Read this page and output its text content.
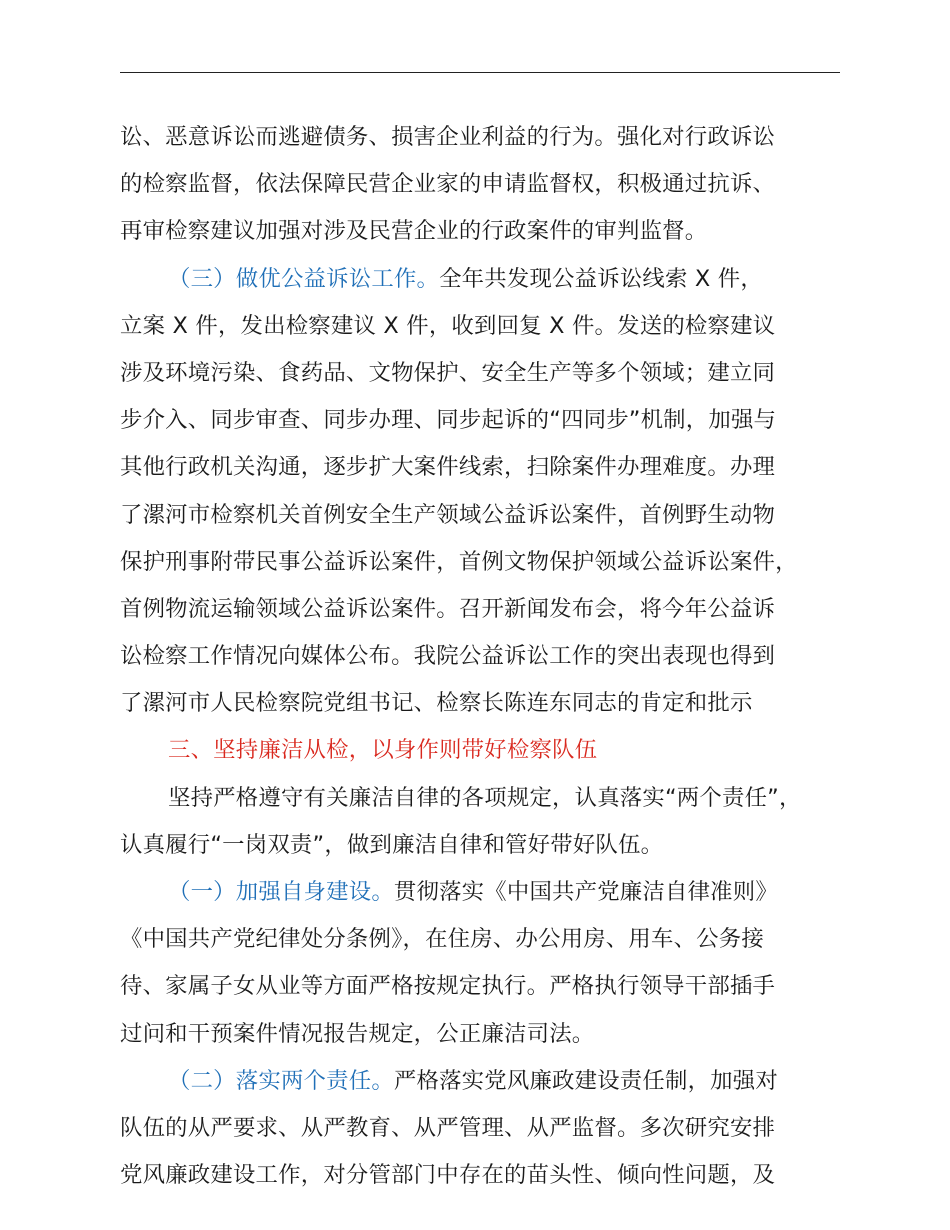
讼、恶意诉讼而逃避债务、损害企业利益的行为。强化对行政诉讼
的检察监督，依法保障民营企业家的申请监督权，积极通过抗诉、
再审检察建议加强对涉及民营企业的行政案件的审判监督。
（三）做优公益诉讼工作。全年共发现公益诉讼线索 X 件，
立案 X 件，发出检察建议 X 件，收到回复 X 件。发送的检察建议
涉及环境污染、食药品、文物保护、安全生产等多个领域；建立同
步介入、同步审查、同步办理、同步起诉的“四同步”机制，加强与
其他行政机关沟通，逐步扩大案件线索，扫除案件办理难度。办理
了漯河市检察机关首例安全生产领域公益诉讼案件，首例野生动物
保护刑事附带民事公益诉讼案件，首例文物保护领域公益诉讼案件，
首例物流运输领域公益诉讼案件。召开新闻发布会，将今年公益诉
讼检察工作情况向媒体公布。我院公益诉讼工作的突出表现也得到
了漯河市人民检察院党组书记、检察长陈连东同志的肯定和批示
三、坚持廉洁从检，以身作则带好检察队伍
坚持严格遵守有关廉洁自律的各项规定，认真落实“两个责任”，
认真履行“一岗双责”，做到廉洁自律和管好带好队伍。
（一）加强自身建设。贯彻落实《中国共产党廉洁自律准则》
《中国共产党纪律处分条例》，在住房、办公用房、用车、公务接
待、家属子女从业等方面严格按规定执行。严格执行领导干部插手
过问和干预案件情况报告规定，公正廉洁司法。
（二）落实两个责任。严格落实党风廉政建设责任制，加强对
队伍的从严要求、从严教育、从严管理、从严监督。多次研究安排
党风廉政建设工作，对分管部门中存在的苗头性、倾向性问题，及
